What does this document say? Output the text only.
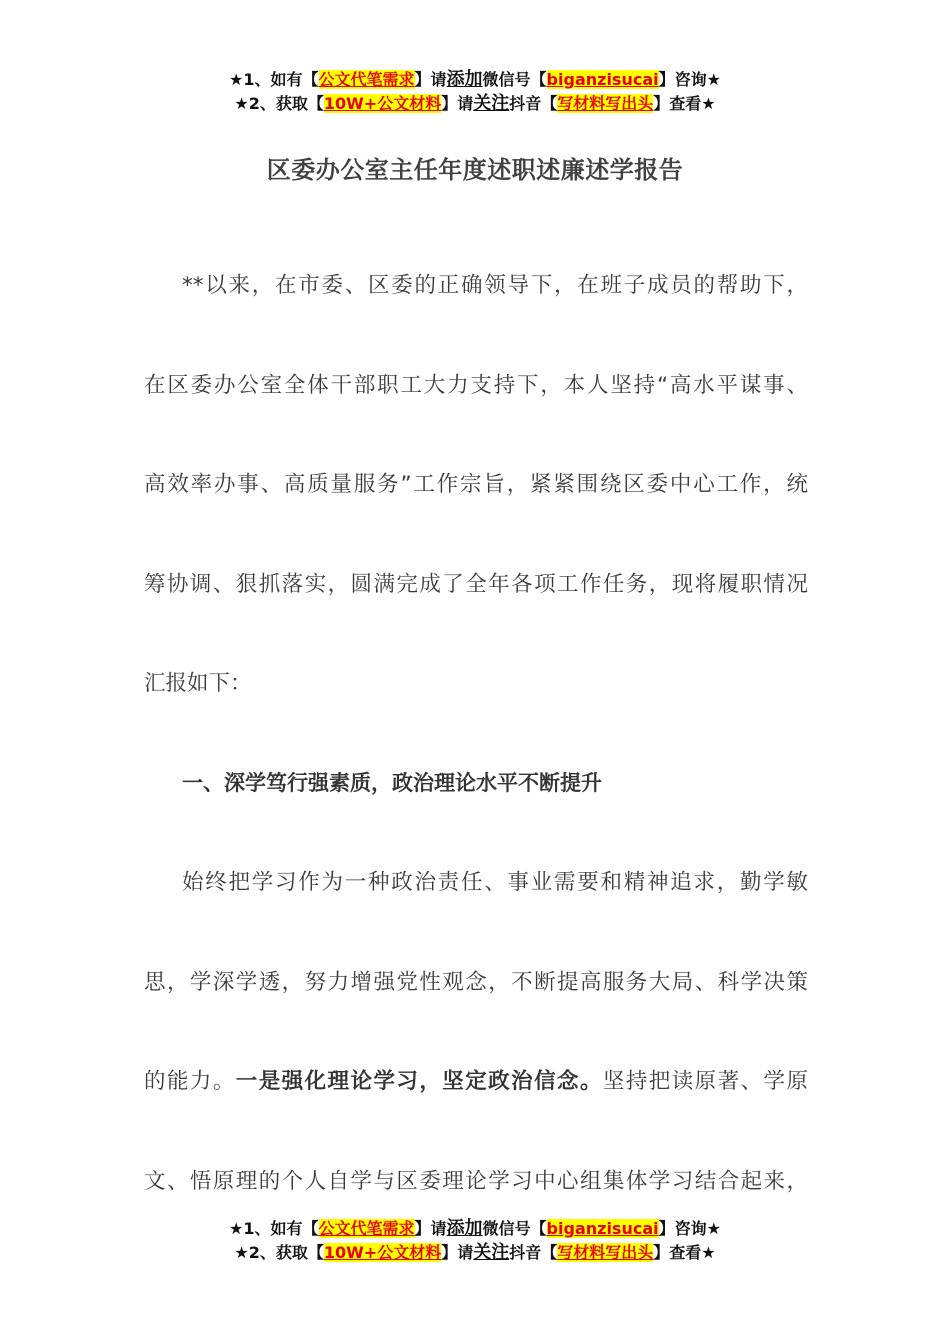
★1、如有【公文代笔需求】请添加微信号【biganzisucai】咨询★
★2、获取【10W+公文材料】请关注抖音【写材料写出头】查看★
区委办公室主任年度述职述廉述学报告

**以来，在市委、区委的正确领导下，在班子成员的帮助下，
在区委办公室全体干部职工大力支持下，本人坚持“高水平谋事、
高效率办事、高质量服务”工作宗旨，紧紧围绕区委中心工作，统
筹协调、狠抓落实，圆满完成了全年各项工作任务，现将履职情况
汇报如下：

一、深学笃行强素质，政治理论水平不断提升

始终把学习作为一种政治责任、事业需要和精神追求，勤学敏
思，学深学透，努力增强党性观念，不断提高服务大局、科学决策
的能力。一是强化理论学习，坚定政治信念。坚持把读原著、学原
文、悟原理的个人自学与区委理论学习中心组集体学习结合起来，

★1、如有【公文代笔需求】请添加微信号【biganzisucai】咨询★
★2、获取【10W+公文材料】请关注抖音【写材料写出头】查看★
